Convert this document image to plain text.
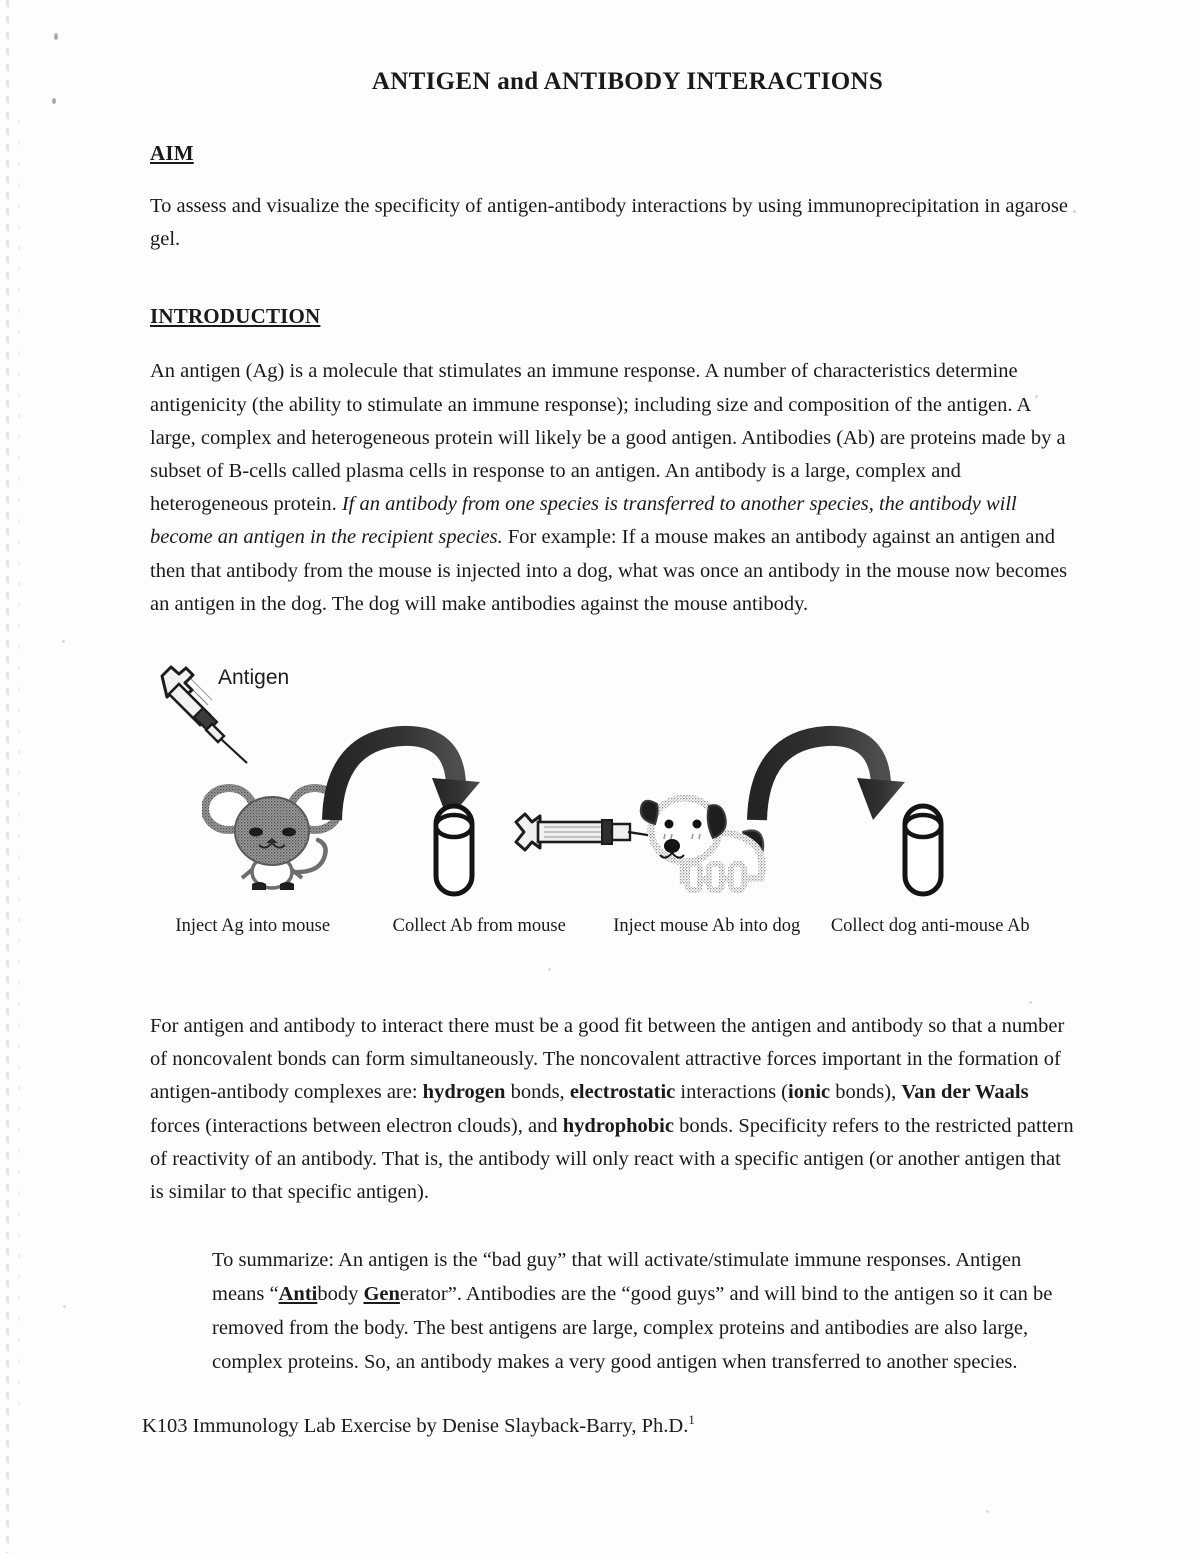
ANTIGEN and ANTIBODY INTERACTIONS
AIM

To assess and visualize the specificity of antigen-antibody interactions by using immunoprecipitation in agarose gel.

INTRODUCTION

An antigen (Ag) is a molecule that stimulates an immune response. A number of characteristics determine antigenicity (the ability to stimulate an immune response); including size and composition of the antigen. A large, complex and heterogeneous protein will likely be a good antigen. Antibodies (Ab) are proteins made by a subset of B-cells called plasma cells in response to an antigen. An antibody is a large, complex and heterogeneous protein. If an antibody from one species is transferred to another species, the antibody will become an antigen in the recipient species. For example: If a mouse makes an antibody against an antigen and then that antibody from the mouse is injected into a dog, what was once an antibody in the mouse now becomes an antigen in the dog. The dog will make antibodies against the mouse antibody.

Antigen
Inject Ag into mouse	Collect Ab from mouse	Inject mouse Ab into dog	Collect dog anti-mouse Ab

For antigen and antibody to interact there must be a good fit between the antigen and antibody so that a number of noncovalent bonds can form simultaneously. The noncovalent attractive forces important in the formation of antigen-antibody complexes are: hydrogen bonds, electrostatic interactions (ionic bonds), Van der Waals forces (interactions between electron clouds), and hydrophobic bonds. Specificity refers to the restricted pattern of reactivity of an antibody. That is, the antibody will only react with a specific antigen (or another antigen that is similar to that specific antigen).

To summarize: An antigen is the “bad guy” that will activate/stimulate immune responses. Antigen means “Antibody Generator”. Antibodies are the “good guys” and will bind to the antigen so it can be removed from the body. The best antigens are large, complex proteins and antibodies are also large, complex proteins. So, an antibody makes a very good antigen when transferred to another species.
K103 Immunology Lab Exercise by Denise Slayback-Barry, Ph.D.$^1$
